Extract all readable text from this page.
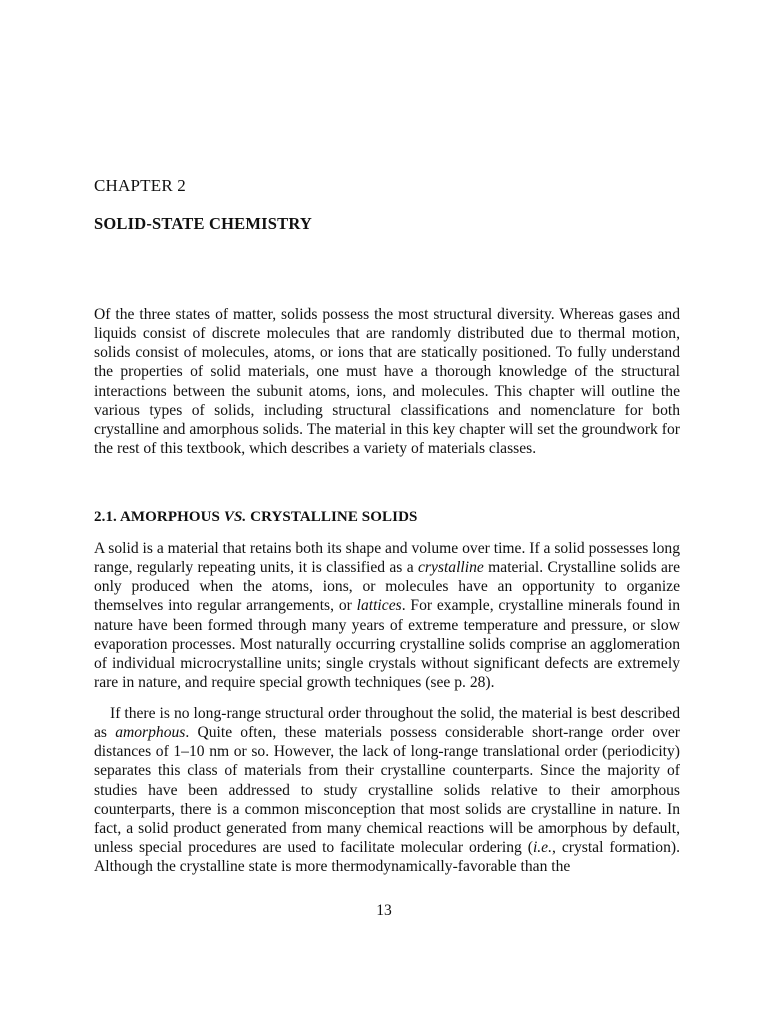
CHAPTER 2
SOLID-STATE CHEMISTRY

Of the three states of matter, solids possess the most structural diversity. Whereas gases and liquids consist of discrete molecules that are randomly distributed due to thermal motion, solids consist of molecules, atoms, or ions that are statically positioned. To fully understand the properties of solid materials, one must have a thorough knowledge of the structural interactions between the subunit atoms, ions, and molecules. This chapter will outline the various types of solids, including structural classifications and nomenclature for both crystalline and amorphous solids. The material in this key chapter will set the groundwork for the rest of this textbook, which describes a variety of materials classes.

2.1. AMORPHOUS VS. CRYSTALLINE SOLIDS

A solid is a material that retains both its shape and volume over time. If a solid possesses long range, regularly repeating units, it is classified as a crystalline material. Crystalline solids are only produced when the atoms, ions, or molecules have an opportunity to organize themselves into regular arrangements, or lattices. For example, crystalline minerals found in nature have been formed through many years of extreme temperature and pressure, or slow evaporation processes. Most naturally occurring crystalline solids comprise an agglomeration of individual microcrystalline units; single crystals without significant defects are extremely rare in nature, and require special growth techniques (see p. 28).

If there is no long-range structural order throughout the solid, the material is best described as amorphous. Quite often, these materials possess considerable short-range order over distances of 1–10 nm or so. However, the lack of long-range translational order (periodicity) separates this class of materials from their crystalline counterparts. Since the majority of studies have been addressed to study crystalline solids relative to their amorphous counterparts, there is a common misconception that most solids are crystalline in nature. In fact, a solid product generated from many chemical reactions will be amorphous by default, unless special procedures are used to facilitate molecular ordering (i.e., crystal formation). Although the crystalline state is more thermodynamically-favorable than the

13
